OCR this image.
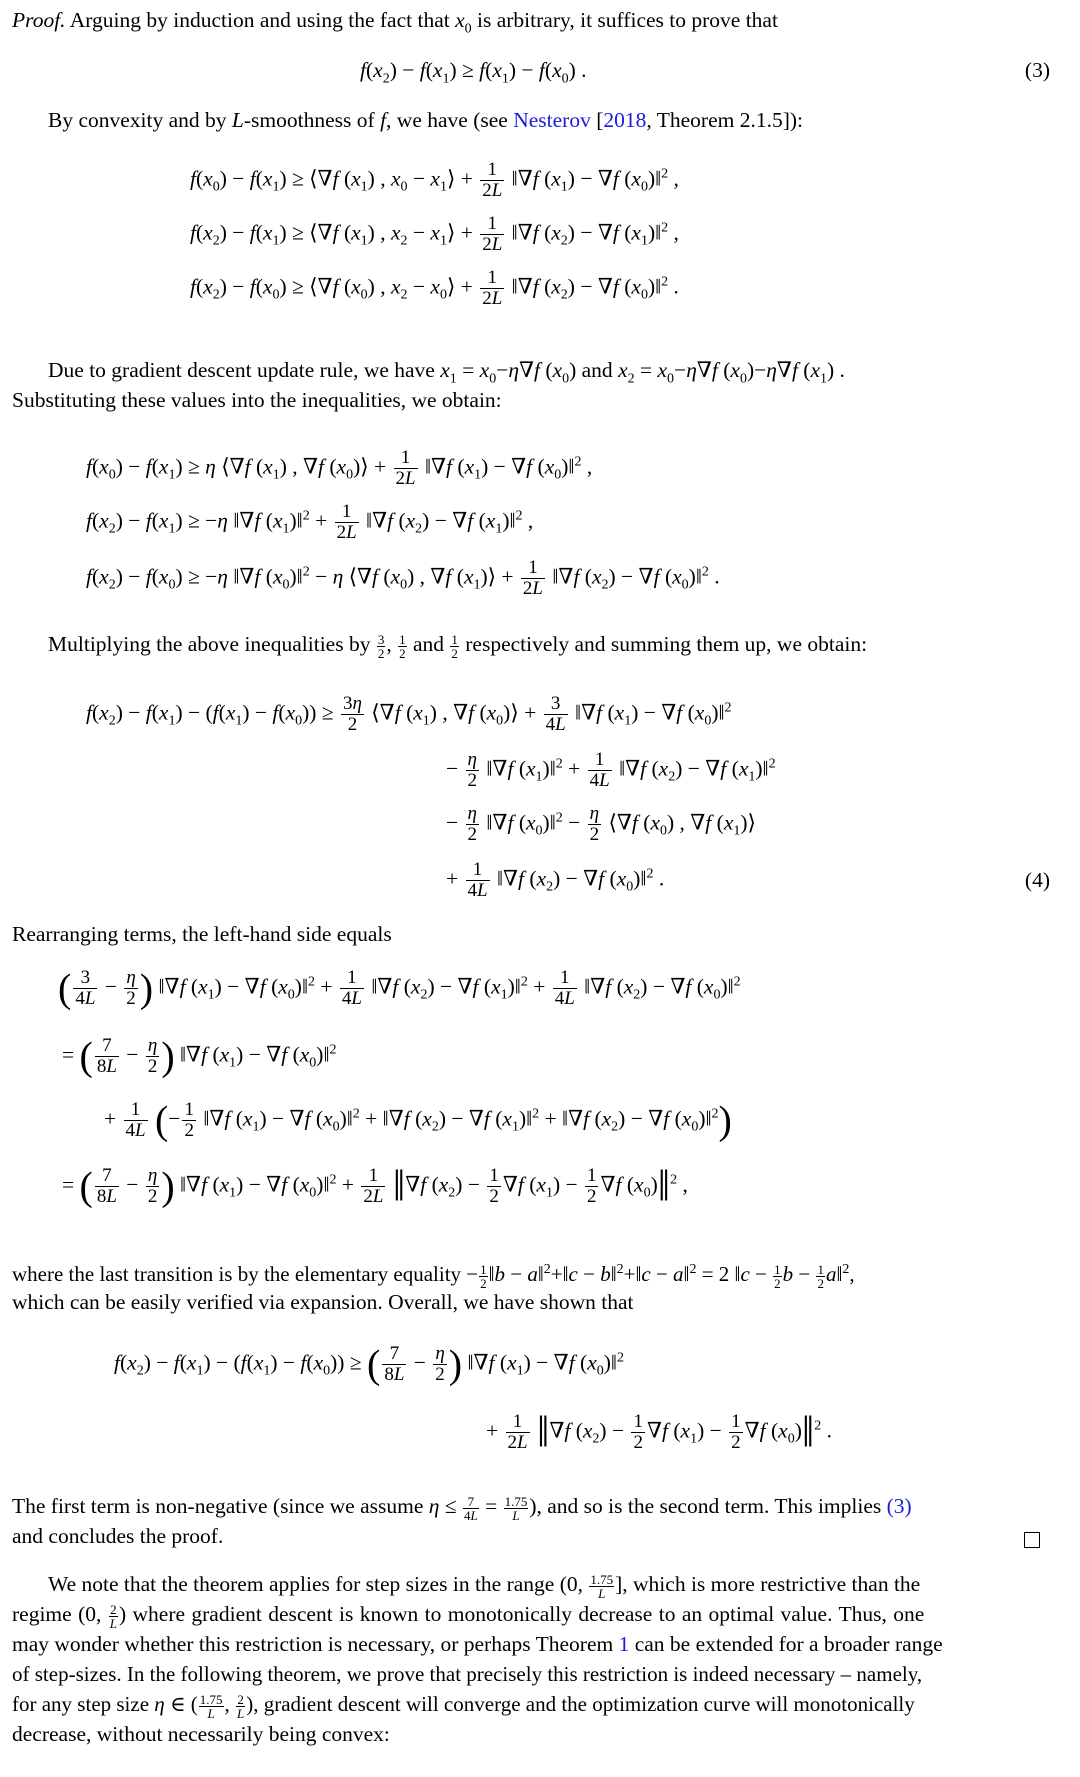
Proof. Arguing by induction and using the fact that $x_0$ is arbitrary, it suffices to prove that
$f(x_2) - f(x_1) \ge f(x_1) - f(x_0)$ .	(3)
By convexity and by L-smoothness of f, we have (see Nesterov [2018, Theorem 2.1.5]):
$f(x_0) - f(x_1)$ ≥ ⟨∇f $(x_1)$ , $x_0$ − $x_1⟩ + \frac{1}{2L}$ ‖∇f $(x_1) - \nabla f$ $(x_0)‖^2$ ,
$f(x_2) - f(x_1)$ ≥ ⟨∇f $(x_1)$ , $x_2$ − $x_1⟩ + \frac{1}{2L}$ ‖∇f $(x_2) - \nabla f$ $(x_1)‖^2$ ,
$f(x_2) - f(x_0)$ ≥ ⟨∇f $(x_0)$ , $x_2$ − $x_0⟩ + \frac{1}{2L}$ ‖∇f $(x_2) - \nabla f$ $(x_0)‖^2$ .
Due to gradient descent update rule, we have $x_1 = x_0-\eta\nabla f$ $(x_0)$ and $x_2 = x_0-\eta\nabla f$ $(x_0)-\eta\nabla f$ $(x_1)$ .
Substituting these values into the inequalities, we obtain:
$f(x_0) - f(x_1) \ge \eta$ ⟨∇f $(x_1)$ , ∇f $(x_0)⟩ + \frac{1}{2L}$ ‖∇f $(x_1) - \nabla f$ $(x_0)‖^2$ ,
$f(x_2) - f(x_1) \ge -\eta$ ‖∇f $(x_1)‖^2 + \frac{1}{2L}$ ‖∇f $(x_2) - \nabla f$ $(x_1)‖^2$ ,
$f(x_2) - f(x_0) \ge -\eta$ ‖∇f $(x_0)‖^2 - \eta$ ⟨∇f $(x_0)$ , ∇f $(x_1)⟩ + \frac{1}{2L}$ ‖∇f $(x_2) - \nabla f$ $(x_0)‖^2$ .
Multiplying the above inequalities by $\frac{3}{2}$ , $\frac{1}{2}$ and $\frac{1}{2}$ respectively and summing them up, we obtain:
$f(x_2) - f(x_1) - (f(x_1) - f(x_0)) \ge \frac{3\eta}{2}$ ⟨∇f $(x_1)$ , ∇f $(x_0)⟩ + \frac{3}{4L}$ ‖∇f $(x_1) - \nabla f$ $(x_0)‖^2$
− $\frac{\eta}{2}$ ‖∇f $(x_1)‖^2 + \frac{1}{4L}$ ‖∇f $(x_2) - \nabla f$ $(x_1)‖^2$
− $\frac{\eta}{2}$ ‖∇f $(x_0)‖^2 - \frac{\eta}{2}$ ⟨∇f $(x_0)$ , ∇f $(x_1)⟩$
+ $\frac{1}{4L}$ ‖∇f $(x_2) - \nabla f$ $(x_0)‖^2$ .	(4)
Rearranging terms, the left-hand side equals
( $\frac{3}{4L} - \frac{\eta}{2}$ ) ‖∇f $(x_1) - \nabla f$ $(x_0)‖^2 + \frac{1}{4L}$ ‖∇f $(x_2) - \nabla f$ $(x_1)‖^2 + \frac{1}{4L}$ ‖∇f $(x_2) - \nabla f$ $(x_0)‖^2$
= ( $\frac{7}{8L} - \frac{\eta}{2}$ ) ‖∇f $(x_1) - \nabla f$ $(x_0)‖^2$
+ $\frac{1}{4L}$ (− $\frac{1}{2}$ ‖∇f $(x_1) - \nabla f$ $(x_0)‖^2$ + ‖∇f $(x_2) - \nabla f$ $(x_1)‖^2$ + ‖∇f $(x_2) - \nabla f$ $(x_0)‖^2$)
= ( $\frac{7}{8L} - \frac{\eta}{2}$ ) ‖∇f $(x_1) - \nabla f$ $(x_0)‖^2 + \frac{1}{2L}$ ‖∇f $(x_2) - \frac{1}{2} \nabla f$ $(x_1) - \frac{1}{2} \nabla f$ $(x_0)‖^2$ ,
where the last transition is by the elementary equality − $\frac{1}{2}$ ‖b − a‖$^2$+‖c − b‖$^2$+‖c − a‖$^2$ = 2 ‖c − $\frac{1}{2}$ $b - \frac{1}{2}$ a‖$^2$,
which can be easily verified via expansion. Overall, we have shown that
$f(x_2) - f(x_1) - (f(x_1) - f(x_0))$ ≥ ( $\frac{7}{8L} - \frac{\eta}{2}$ ) ‖∇f $(x_1) - \nabla f$ $(x_0)‖^2$
+ $\frac{1}{2L}$ ‖∇f $(x_2) - \frac{1}{2} \nabla f$ $(x_1) - \frac{1}{2} \nabla f$ $(x_0)‖^2$ .
The first term is non-negative (since we assume $\eta \le \frac{7}{4L} = \frac{1.75}{L}$ ), and so is the second term. This implies (3)
and concludes the proof.
We note that the theorem applies for step sizes in the range (0, $\frac{1.75}{L}$ ], which is more restrictive than the
regime (0, $\frac{2}{L}$ ) where gradient descent is known to monotonically decrease to an optimal value. Thus, one
may wonder whether this restriction is necessary, or perhaps Theorem 1 can be extended for a broader range
of step-sizes. In the following theorem, we prove that precisely this restriction is indeed necessary – namely,
for any step size η ∈ ( $\frac{1.75}{L}$ , $\frac{2}{L}$ ), gradient descent will converge and the optimization curve will monotonically
decrease, without necessarily being convex:
